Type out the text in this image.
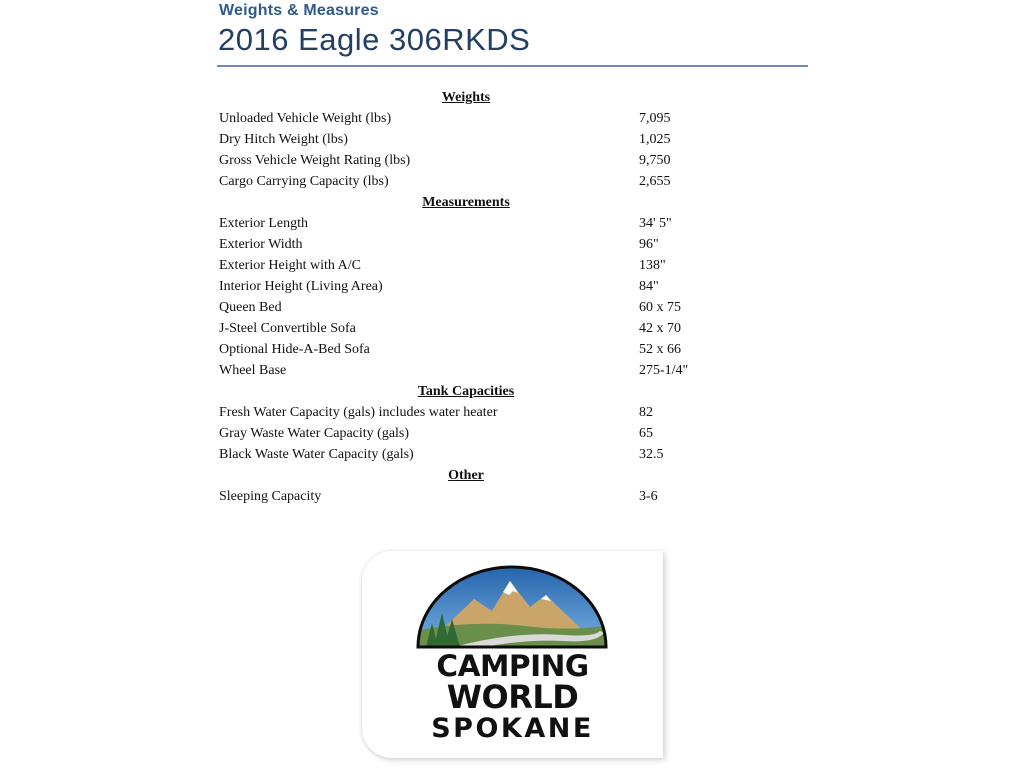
Weights & Measures
2016 Eagle 306RKDS
Weights
Unloaded Vehicle Weight (lbs)	7,095
Dry Hitch Weight (lbs)	1,025
Gross Vehicle Weight Rating (lbs)	9,750
Cargo Carrying Capacity (lbs)	2,655
Measurements
Exterior Length	34' 5"
Exterior Width	96"
Exterior Height with A/C	138"
Interior Height (Living Area)	84"
Queen Bed	60 x 75
J-Steel Convertible Sofa	42 x 70
Optional Hide-A-Bed Sofa	52 x 66
Wheel Base	275-1/4"
Tank Capacities
Fresh Water Capacity (gals) includes water heater	82
Gray Waste Water Capacity (gals)	65
Black Waste Water Capacity (gals)	32.5
Other
Sleeping Capacity	3-6
CAMPING
WORLD
SPOKANE
